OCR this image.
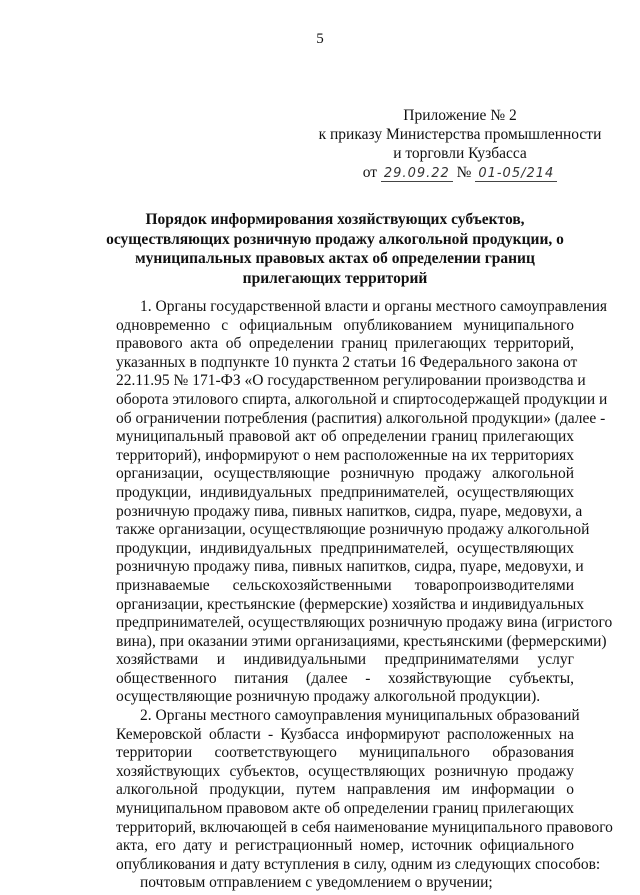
5
Приложение № 2
к приказу Министерства промышленности
и торговли Кузбасса
от 29.09.22 № 01-05/214
Порядок информирования хозяйствующих субъектов,
осуществляющих розничную продажу алкогольной продукции, о
муниципальных правовых актах об определении границ
прилегающих территорий
1. Органы государственной власти и органы местного самоуправления
одновременно с официальным опубликованием муниципального
правового акта об определении границ прилегающих территорий,
указанных в подпункте 10 пункта 2 статьи 16 Федерального закона от
22.11.95 № 171-ФЗ «О государственном регулировании производства и
оборота этилового спирта, алкогольной и спиртосодержащей продукции и
об ограничении потребления (распития) алкогольной продукции» (далее -
муниципальный правовой акт об определении границ прилегающих
территорий), информируют о нем расположенные на их территориях
организации, осуществляющие розничную продажу алкогольной
продукции, индивидуальных предпринимателей, осуществляющих
розничную продажу пива, пивных напитков, сидра, пуаре, медовухи, а
также организации, осуществляющие розничную продажу алкогольной
продукции, индивидуальных предпринимателей, осуществляющих
розничную продажу пива, пивных напитков, сидра, пуаре, медовухи, и
признаваемые сельскохозяйственными товаропроизводителями
организации, крестьянские (фермерские) хозяйства и индивидуальных
предпринимателей, осуществляющих розничную продажу вина (игристого
вина), при оказании этими организациями, крестьянскими (фермерскими)
хозяйствами и индивидуальными предпринимателями услуг
общественного питания (далее - хозяйствующие субъекты,
осуществляющие розничную продажу алкогольной продукции).
2. Органы местного самоуправления муниципальных образований
Кемеровской области - Кузбасса информируют расположенных на
территории соответствующего муниципального образования
хозяйствующих субъектов, осуществляющих розничную продажу
алкогольной продукции, путем направления им информации о
муниципальном правовом акте об определении границ прилегающих
территорий, включающей в себя наименование муниципального правового
акта, его дату и регистрационный номер, источник официального
опубликования и дату вступления в силу, одним из следующих способов:
почтовым отправлением с уведомлением о вручении;
